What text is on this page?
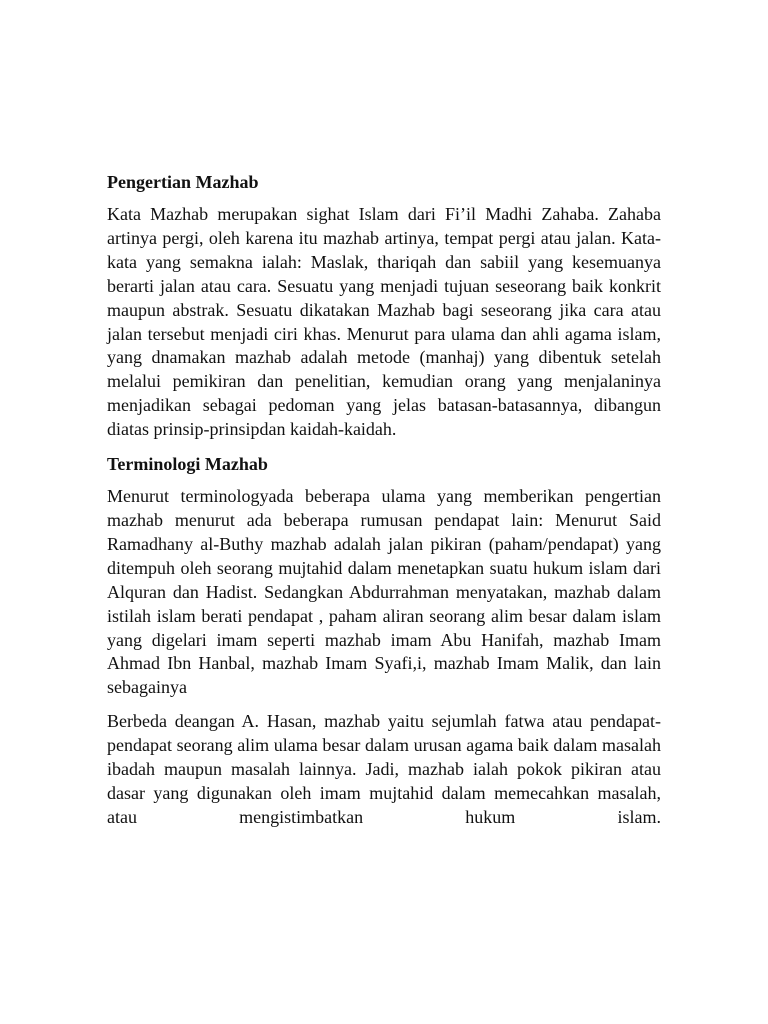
Pengertian Mazhab

Kata Mazhab merupakan sighat Islam dari Fi’il Madhi Zahaba. Zahaba artinya pergi, oleh karena itu mazhab artinya, tempat pergi atau jalan. Kata-kata yang semakna ialah: Maslak, thariqah dan sabiil yang kesemuanya berarti jalan atau cara. Sesuatu yang menjadi tujuan seseorang baik konkrit maupun abstrak. Sesuatu dikatakan Mazhab bagi seseorang jika cara atau jalan tersebut menjadi ciri khas. Menurut para ulama dan ahli agama islam, yang dnamakan mazhab adalah metode (manhaj) yang dibentuk setelah melalui pemikiran dan penelitian, kemudian orang yang menjalaninya menjadikan sebagai pedoman yang jelas batasan-batasannya, dibangun diatas prinsip-prinsipdan kaidah-kaidah.

Terminologi Mazhab

Menurut terminologyada beberapa ulama yang memberikan pengertian mazhab menurut ada beberapa rumusan pendapat lain: Menurut Said Ramadhany al-Buthy mazhab adalah jalan pikiran (paham/pendapat) yang ditempuh oleh seorang mujtahid dalam menetapkan suatu hukum islam dari Alquran dan Hadist. Sedangkan Abdurrahman menyatakan, mazhab dalam istilah islam berati pendapat , paham aliran seorang alim besar dalam islam yang digelari imam seperti mazhab imam Abu Hanifah, mazhab Imam Ahmad Ibn Hanbal, mazhab Imam Syafi,i, mazhab Imam Malik, dan lain sebagainya

Berbeda deangan A. Hasan, mazhab yaitu sejumlah fatwa atau pendapat-pendapat seorang alim ulama besar dalam urusan agama baik dalam masalah ibadah maupun masalah lainnya. Jadi, mazhab ialah pokok pikiran atau dasar yang digunakan oleh imam mujtahid dalam memecahkan masalah, atau mengistimbatkan hukum islam.
